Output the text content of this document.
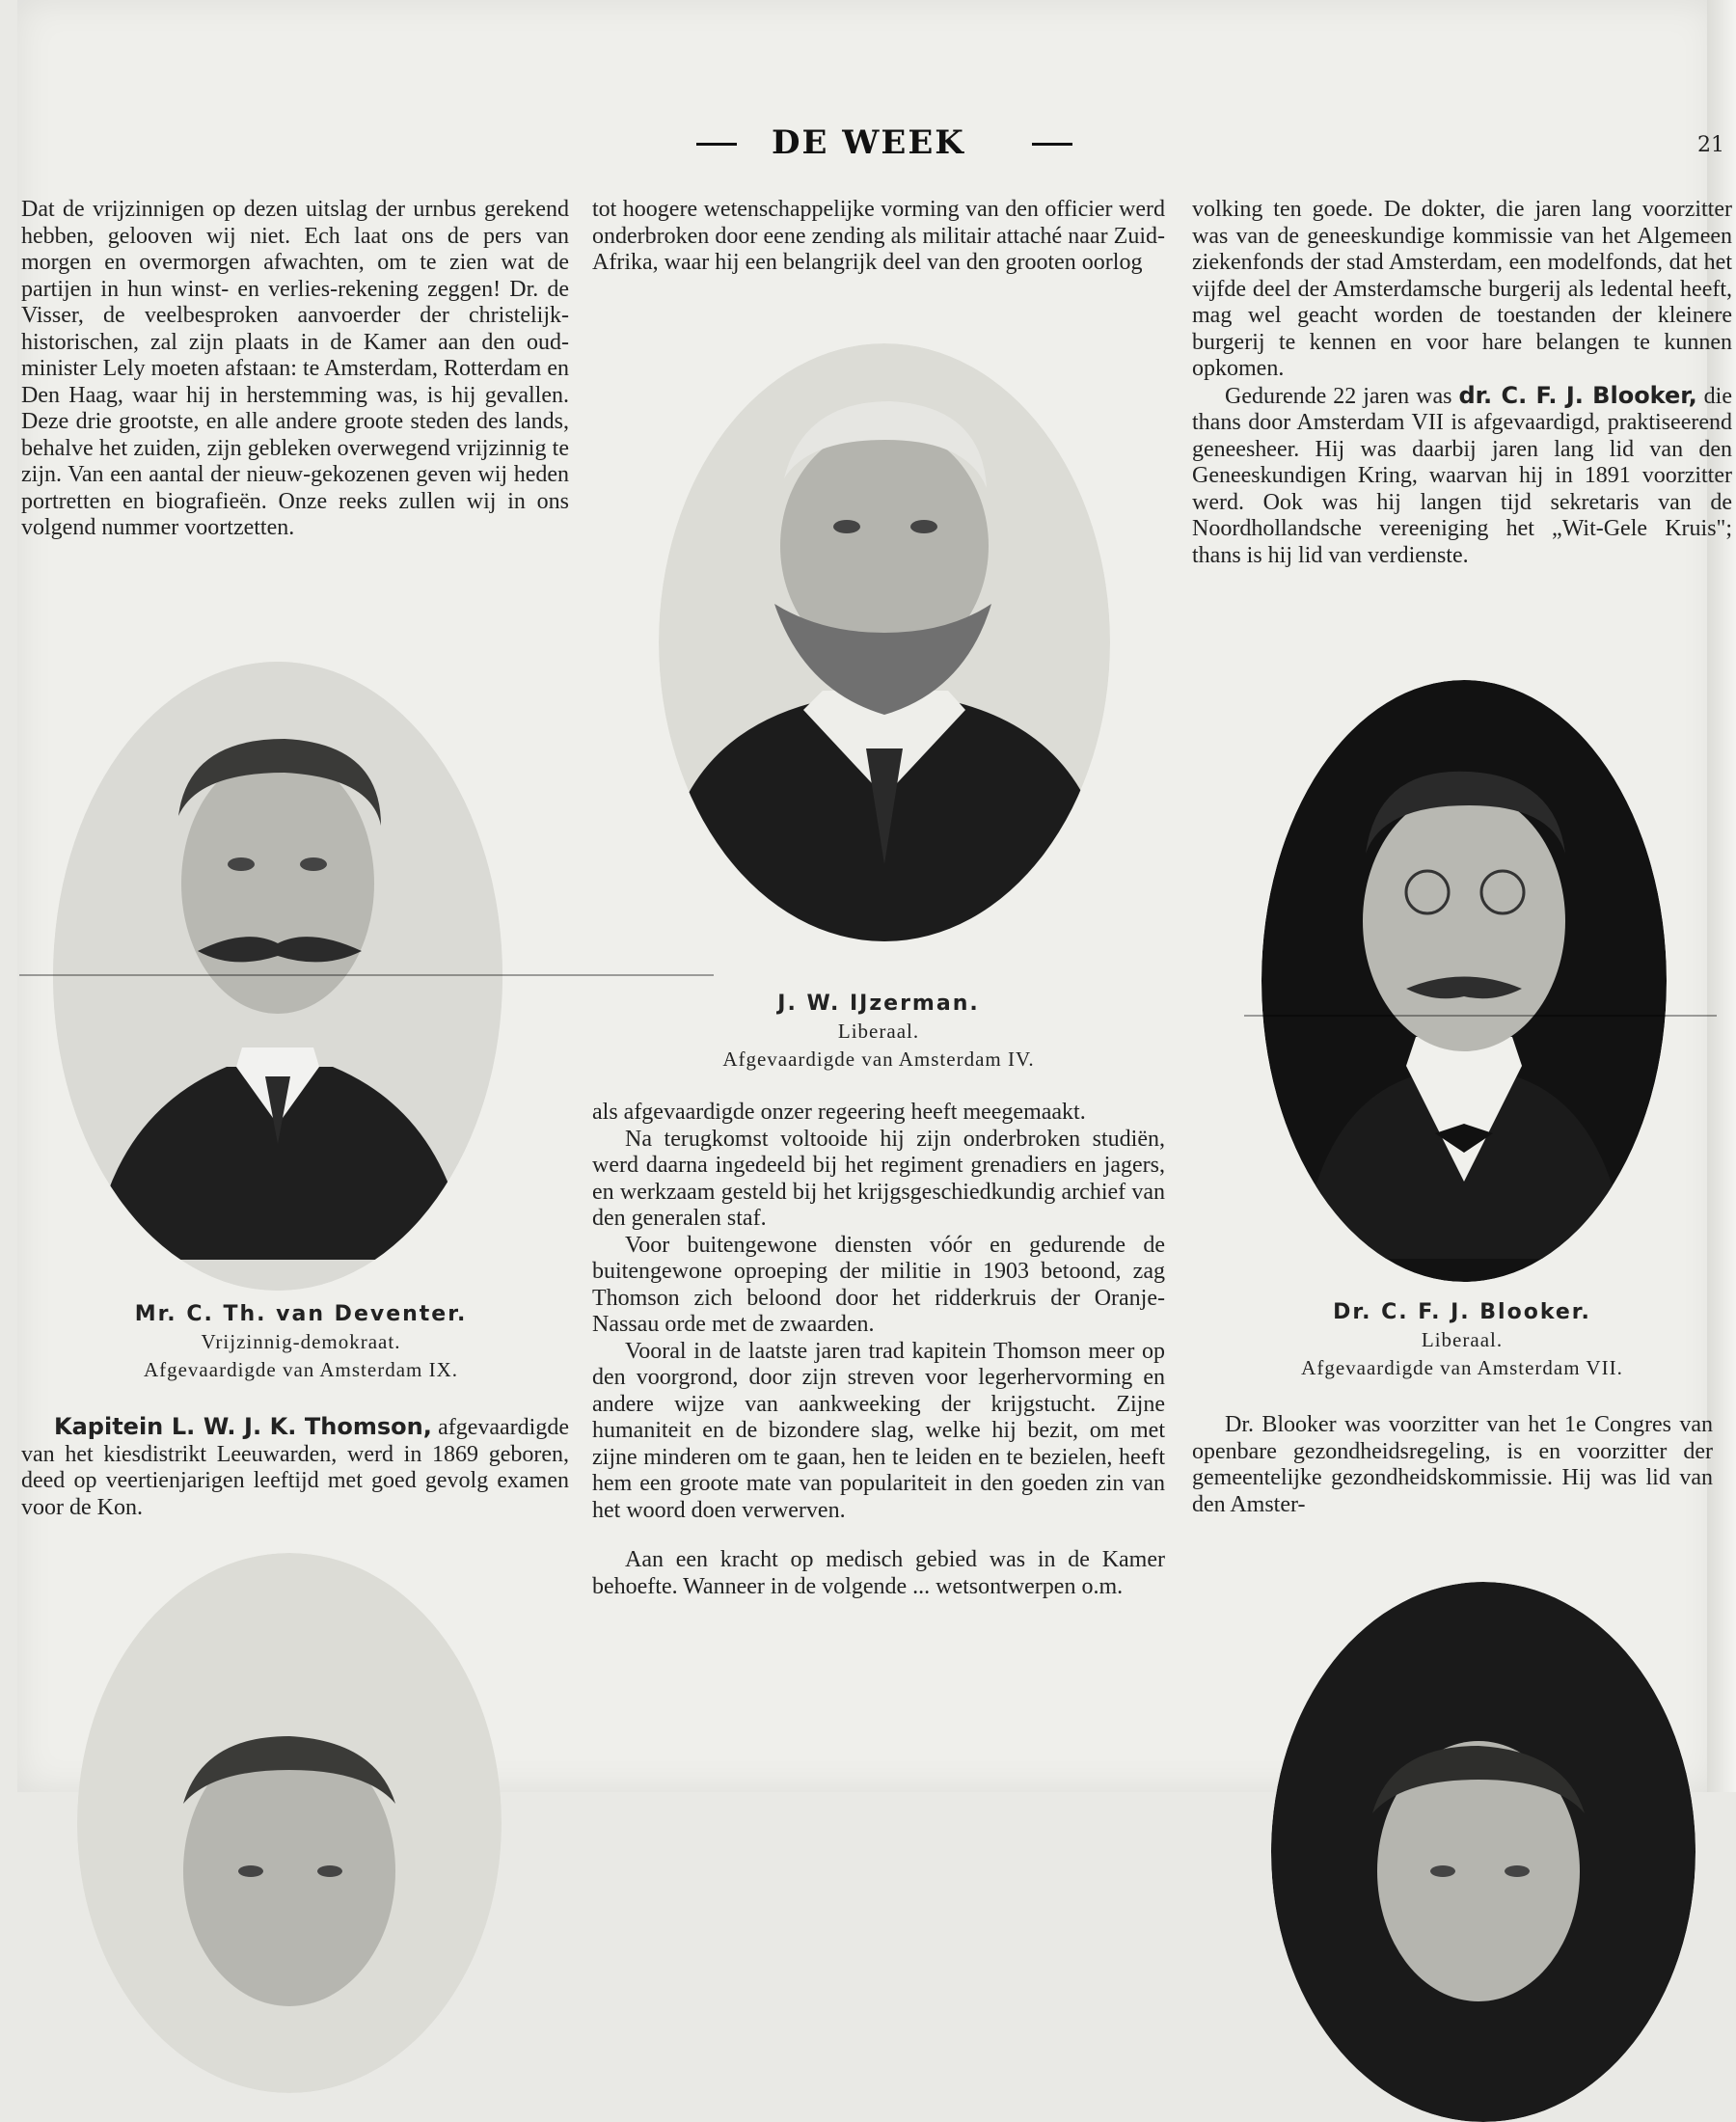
DE WEEK	21

Dat de vrijzinnigen op dezen uitslag der urnbus gerekend hebben, gelooven wij niet. Ech laat ons de pers van morgen en overmorgen afwachten, om te zien wat de partijen in hun winst- en verlies-rekening zeggen! Dr. de Visser, de veelbesproken aanvoerder der christelijk-historischen, zal zijn plaats in de Kamer aan den oud-minister Lely moeten afstaan: te Amsterdam, Rotterdam en Den Haag, waar hij in herstemming was, is hij gevallen. Deze drie grootste, en alle andere groote steden des lands, behalve het zuiden, zijn gebleken overwegend vrijzinnig te zijn. Van een aantal der nieuw-gekozenen geven wij heden portretten en biografieën. Onze reeks zullen wij in ons volgend nummer voortzetten.

tot hoogere wetenschappelijke vorming van den officier werd onderbroken door eene zending als militair attaché naar Zuid-Afrika, waar hij een belangrijk deel van den grooten oorlog

volking ten goede. De dokter, die jaren lang voorzitter was van de geneeskundige kommissie van het Algemeen ziekenfonds der stad Amsterdam, een modelfonds, dat het vijfde deel der Amsterdamsche burgerij als ledental heeft, mag wel geacht worden de toestanden der kleinere burgerij te kennen en voor hare belangen te kunnen opkomen.

Gedurende 22 jaren was dr. C. F. J. Blooker, die thans door Amsterdam VII is afgevaardigd, praktiseerend geneesheer. Hij was daarbij jaren lang lid van den Geneeskundigen Kring, waarvan hij in 1891 voorzitter werd. Ook was hij langen tijd sekretaris van de Noordhollandsche vereeniging het „Wit-Gele Kruis"; thans is hij lid van verdienste.

J. W. IJzerman.
Liberaal.
Afgevaardigde van Amsterdam IV.
Dr. C. F. J. Blooker.
Liberaal.
Afgevaardigde van Amsterdam VII.
Mr. C. Th. van Deventer.
Vrijzinnig-demokraat.
Afgevaardigde van Amsterdam IX.

Kapitein L. W. J. K. Thomson, afgevaardigde van het kiesdistrikt Leeuwarden, werd in 1869 geboren, deed op veertienjarigen leeftijd met goed gevolg examen voor de Kon.

als afgevaardigde onzer regeering heeft meegemaakt.

Na terugkomst voltooide hij zijn onderbroken studiën, werd daarna ingedeeld bij het regiment grenadiers en jagers, en werkzaam gesteld bij het krijgsgeschiedkundig archief van den generalen staf.

Voor buitengewone diensten vóór en gedurende de buitengewone oproeping der militie in 1903 betoond, zag Thomson zich beloond door het ridderkruis der Oranje-Nassau orde met de zwaarden.

Vooral in de laatste jaren trad kapitein Thomson meer op den voorgrond, door zijn streven voor legerhervorming en andere wijze van aankweeking der krijgstucht. Zijne humaniteit en de bizondere slag, welke hij bezit, om met zijne minderen om te gaan, hen te leiden en te bezielen, heeft hem een groote mate van populariteit in den goeden zin van het woord doen verwerven.

Aan een kracht op medisch gebied was in de Kamer behoefte. Wanneer in de volgende ... wetsontwerpen o.m.

Dr. Blooker was voorzitter van het 1e Congres van openbare gezondheidsregeling, is en voorzitter der gemeentelijke gezondheidskommissie. Hij was lid van den Amster-
